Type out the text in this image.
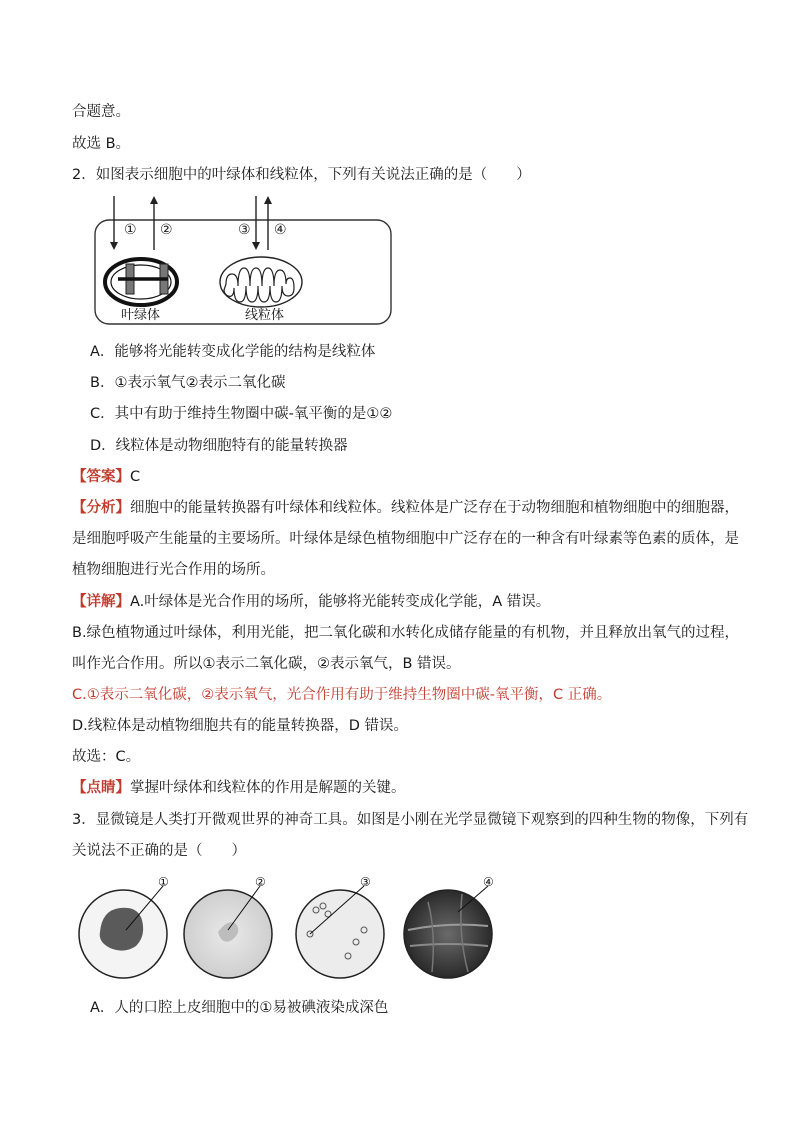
合题意。
故选 B。
2．如图表示细胞中的叶绿体和线粒体，下列有关说法正确的是（　　）
① ②	③ ④
叶绿体	线粒体
A．能够将光能转变成化学能的结构是线粒体
B．①表示氧气②表示二氧化碳
C．其中有助于维持生物圈中碳-氧平衡的是①②
D．线粒体是动物细胞特有的能量转换器
【答案】C
【分析】细胞中的能量转换器有叶绿体和线粒体。线粒体是广泛存在于动物细胞和植物细胞中的细胞器，
是细胞呼吸产生能量的主要场所。叶绿体是绿色植物细胞中广泛存在的一种含有叶绿素等色素的质体，是
植物细胞进行光合作用的场所。
【详解】A.叶绿体是光合作用的场所，能够将光能转变成化学能，A 错误。
B.绿色植物通过叶绿体，利用光能，把二氧化碳和水转化成储存能量的有机物，并且释放出氧气的过程，
叫作光合作用。所以①表示二氧化碳，②表示氧气，B 错误。
C.①表示二氧化碳，②表示氧气，光合作用有助于维持生物圈中碳-氧平衡，C 正确。
D.线粒体是动植物细胞共有的能量转换器，D 错误。
故选：C。
【点睛】掌握叶绿体和线粒体的作用是解题的关键。
3．显微镜是人类打开微观世界的神奇工具。如图是小刚在光学显微镜下观察到的四种生物的物像，下列有
关说法不正确的是（　　）
①	②	③	④
A．人的口腔上皮细胞中的①易被碘液染成深色
